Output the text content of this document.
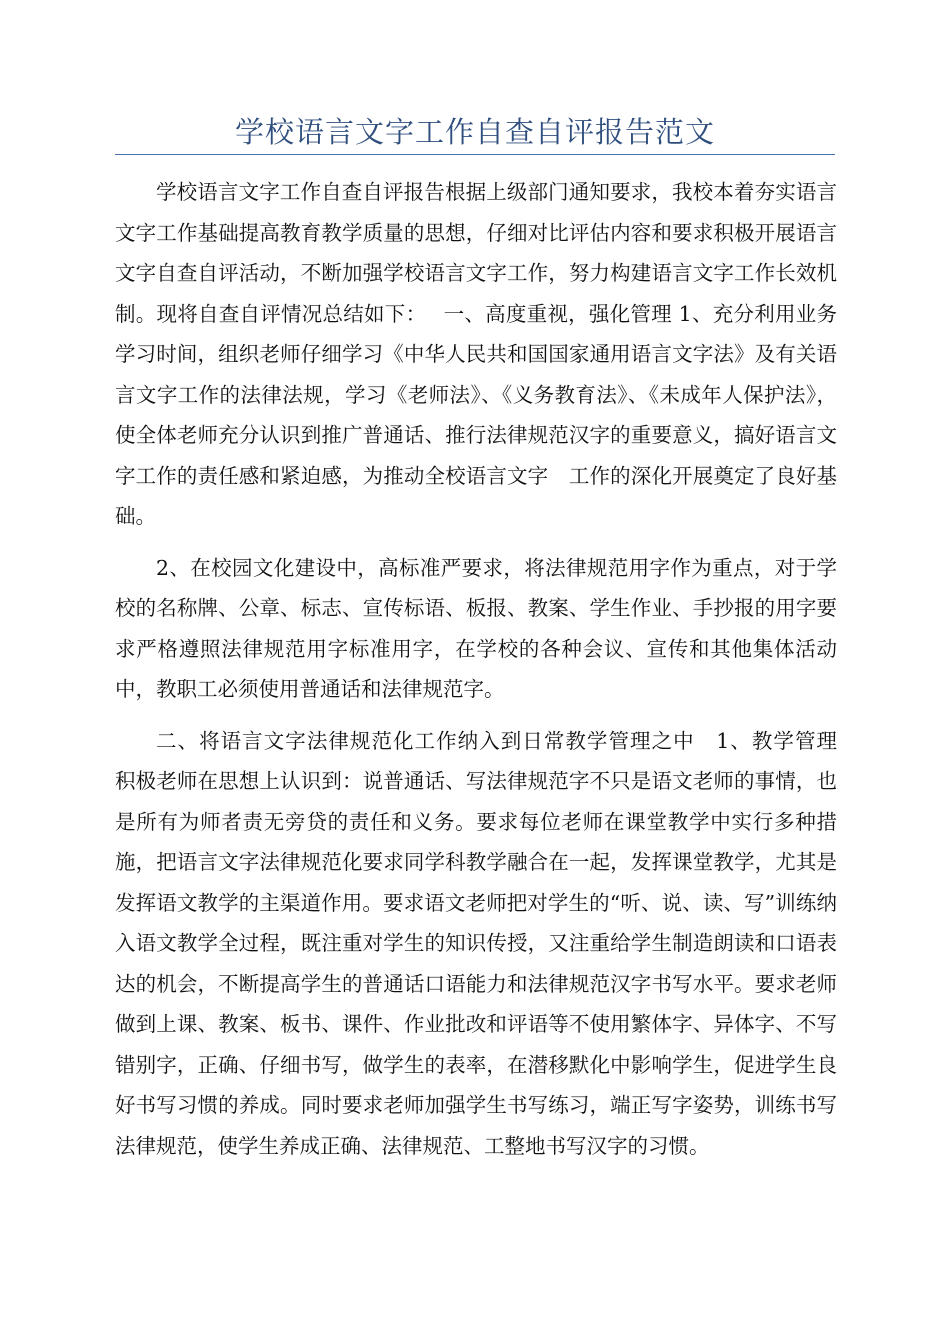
学校语言文字工作自查自评报告范文

学校语言文字工作自查自评报告根据上级部门通知要求，我校本着夯实语言文字工作基础提高教育教学质量的思想，仔细对比评估内容和要求积极开展语言文字自查自评活动，不断加强学校语言文字工作，努力构建语言文字工作长效机制。现将自查自评情况总结如下：　 一、高度重视，强化管理 1、充分利用业务学习时间，组织老师仔细学习《中华人民共和国国家通用语言文字法》及有关语言文字工作的法律法规，学习《老师法》、《义务教育法》、《未成年人保护法》，使全体老师充分认识到推广普通话、推行法律规范汉字的重要意义，搞好语言文字工作的责任感和紧迫感，为推动全校语言文字　工作的深化开展奠定了良好基础。

2、在校园文化建设中，高标准严要求，将法律规范用字作为重点，对于学校的名称牌、公章、标志、宣传标语、板报、教案、学生作业、手抄报的用字要求严格遵照法律规范用字标准用字，在学校的各种会议、宣传和其他集体活动中，教职工必须使用普通话和法律规范字。

二、将语言文字法律规范化工作纳入到日常教学管理之中　1、教学管理　　积极老师在思想上认识到：说普通话、写法律规范字不只是语文老师的事情，也是所有为师者责无旁贷的责任和义务。要求每位老师在课堂教学中实行多种措施，把语言文字法律规范化要求同学科教学融合在一起，发挥课堂教学，尤其是发挥语文教学的主渠道作用。要求语文老师把对学生的“听、说、读、写”训练纳入语文教学全过程，既注重对学生的知识传授，又注重给学生制造朗读和口语表达的机会，不断提高学生的普通话口语能力和法律规范汉字书写水平。要求老师做到上课、教案、板书、课件、作业批改和评语等不使用繁体字、异体字、不写错别字，正确、仔细书写，做学生的表率，在潜移默化中影响学生，促进学生良好书写习惯的养成。同时要求老师加强学生书写练习，端正写字姿势，训练书写法律规范，使学生养成正确、法律规范、工整地书写汉字的习惯。
